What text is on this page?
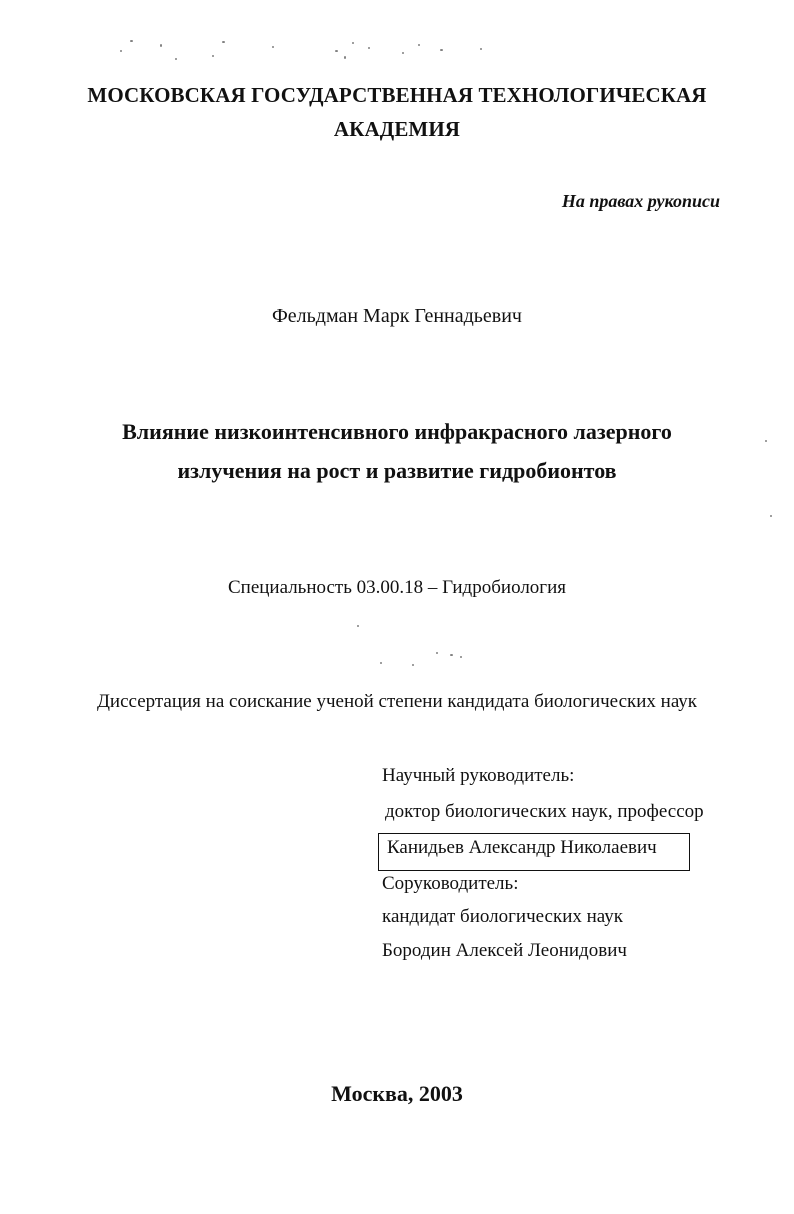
МОСКОВСКАЯ ГОСУДАРСТВЕННАЯ ТЕХНОЛОГИЧЕСКАЯ
АКАДЕМИЯ
На правах рукописи
Фельдман Марк Геннадьевич
Влияние низкоинтенсивного инфракрасного лазерного
излучения на рост и развитие гидробионтов
Специальность 03.00.18 – Гидробиология
Диссертация на соискание ученой степени кандидата биологических наук
Научный руководитель:
доктор биологических наук, профессор
Канидьев Александр Николаевич
Соруководитель:
кандидат биологических наук
Бородин Алексей Леонидович
Москва, 2003
